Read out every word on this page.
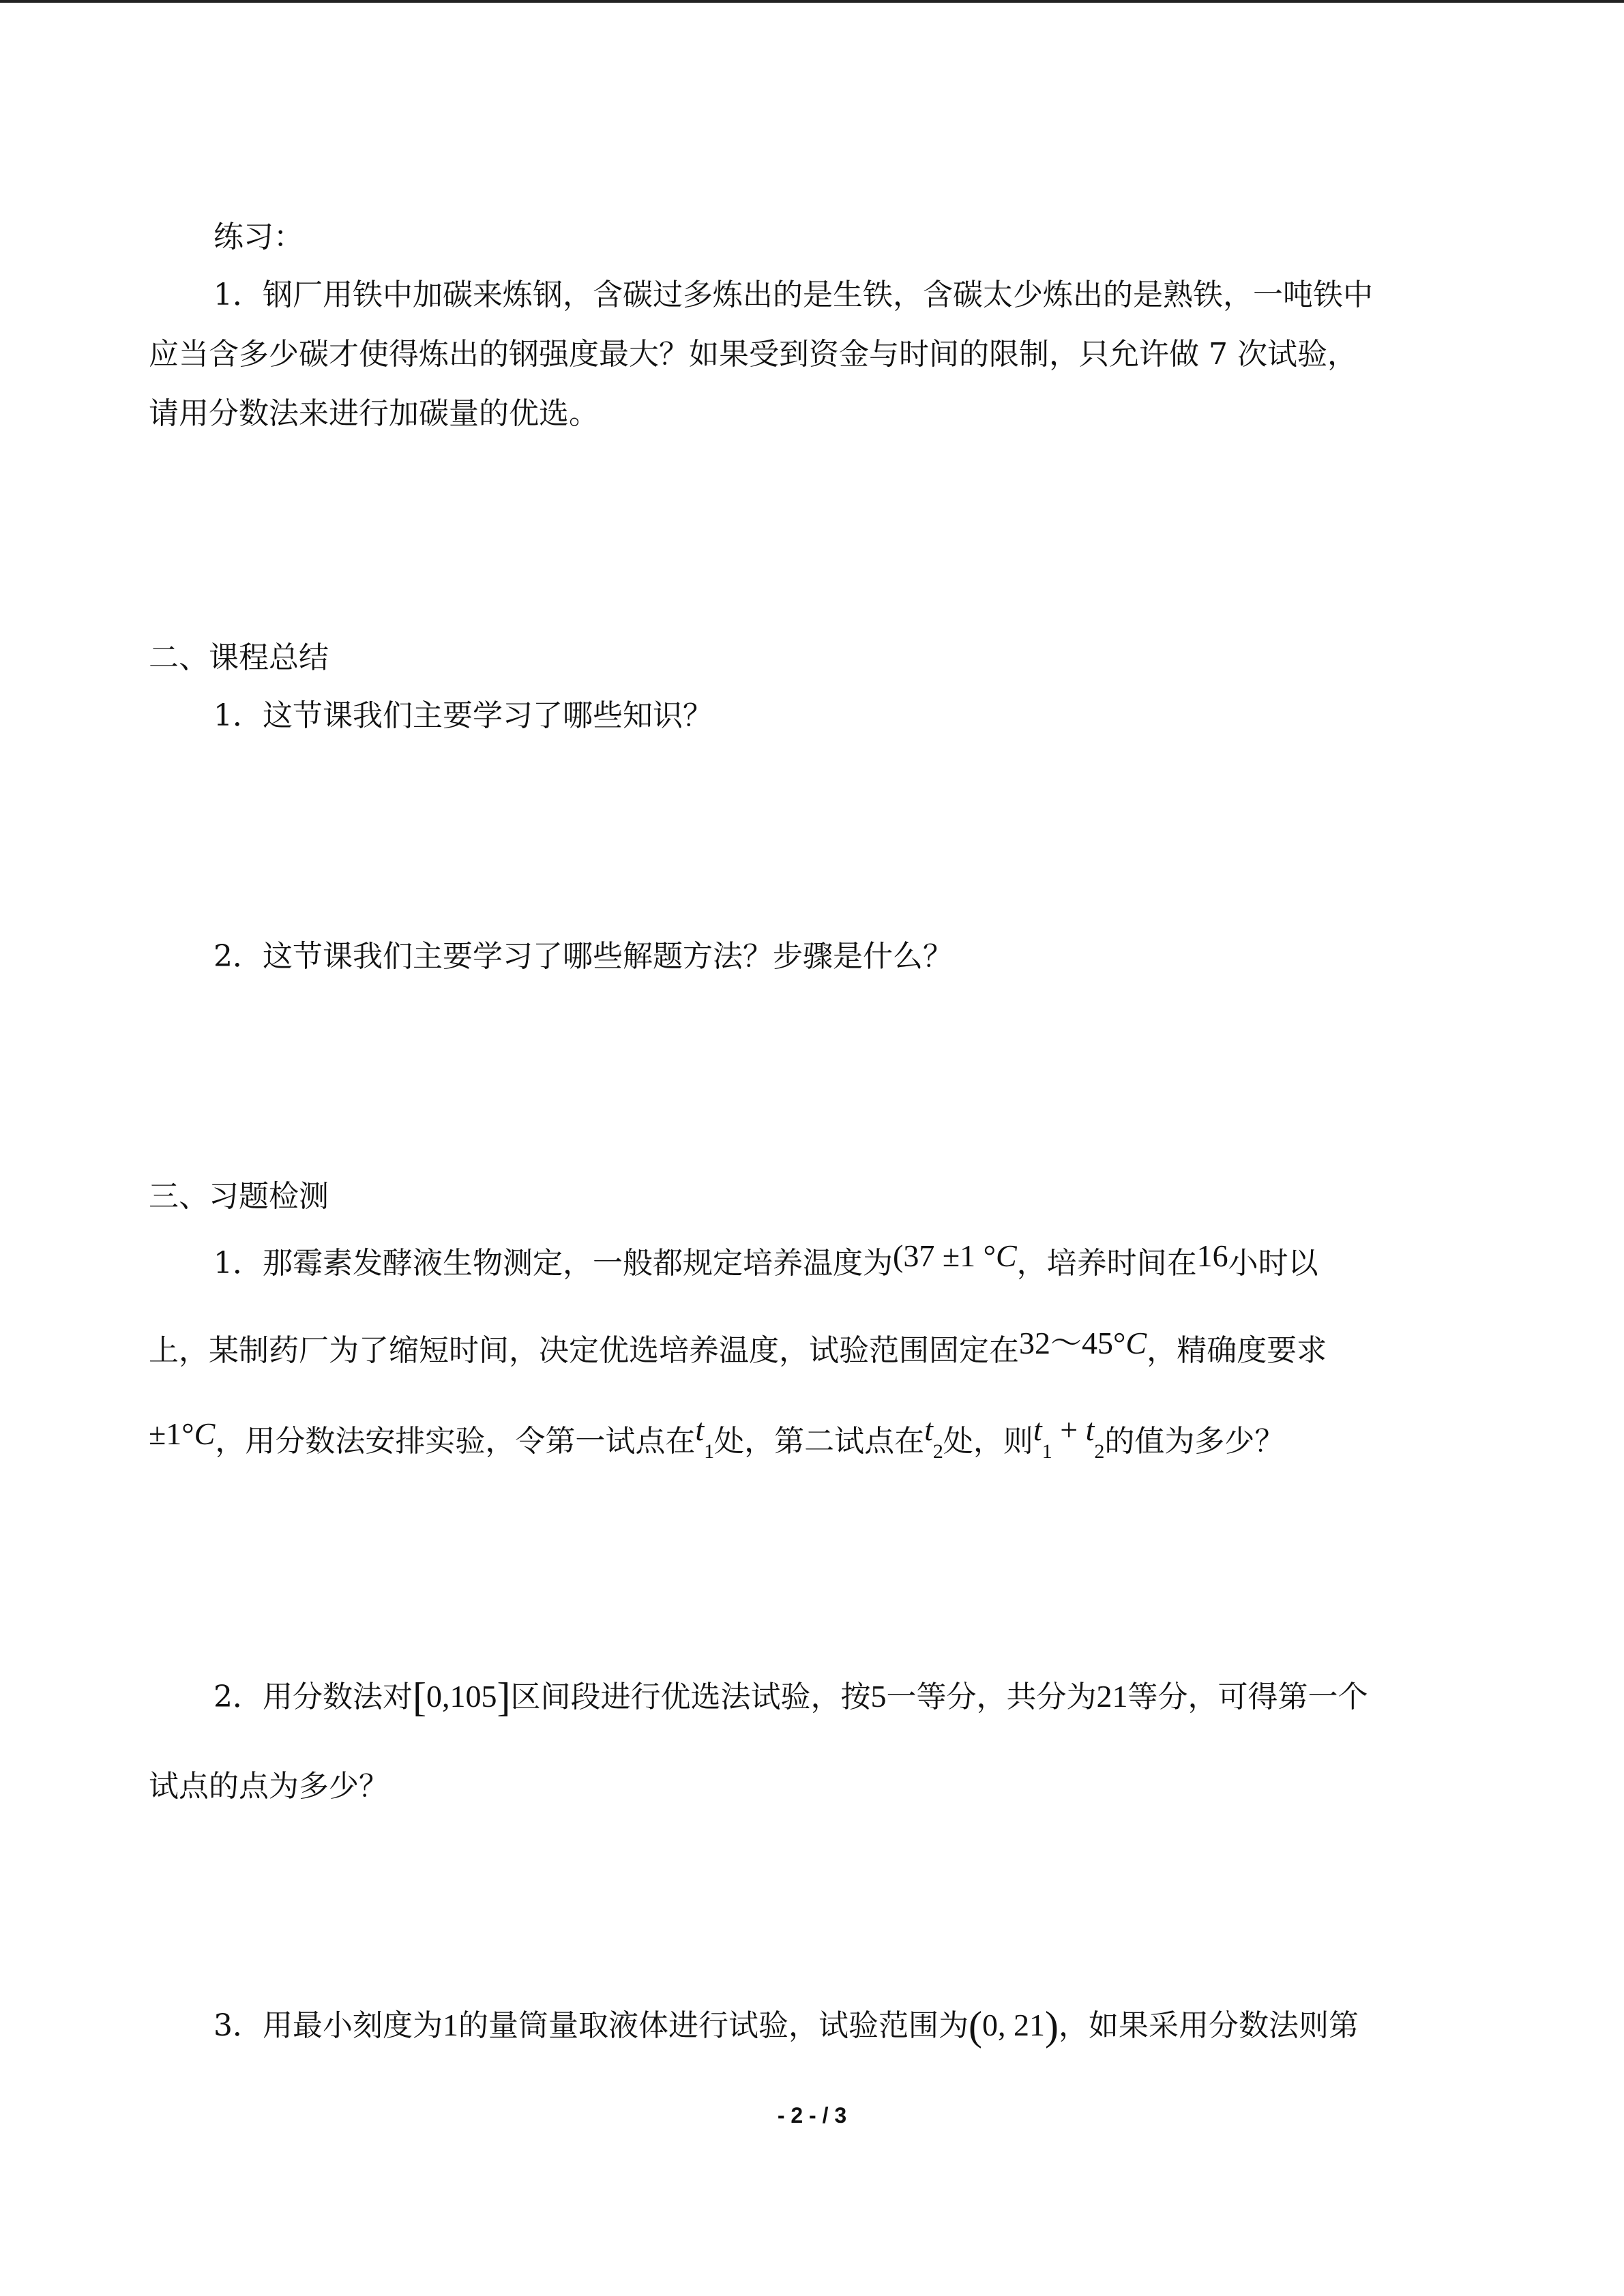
练习：
1．钢厂用铁中加碳来炼钢，含碳过多炼出的是生铁，含碳太少炼出的是熟铁，一吨铁中
应当含多少碳才使得炼出的钢强度最大？如果受到资金与时间的限制，只允许做 7 次试验，
请用分数法来进行加碳量的优选。
二、课程总结
1．这节课我们主要学习了哪些知识？
2．这节课我们主要学习了哪些解题方法？步骤是什么？
三、习题检测
1．那霉素发酵液生物测定，一般都规定培养温度为(37 ±1 °C，培养时间在16小时以
上，某制药厂为了缩短时间，决定优选培养温度，试验范围固定在32～45°C，精确度要求
±1°C，用分数法安排实验，令第一试点在$t_1$处，第二试点在$t_2$处，则$t_1 + t_2$的值为多少？
2．用分数法对[0,105]区间段进行优选法试验，按5一等分，共分为21等分，可得第一个
试点的点为多少？
3．用最小刻度为1的量筒量取液体进行试验，试验范围为(0, 21)，如果采用分数法则第
- 2 - / 3
